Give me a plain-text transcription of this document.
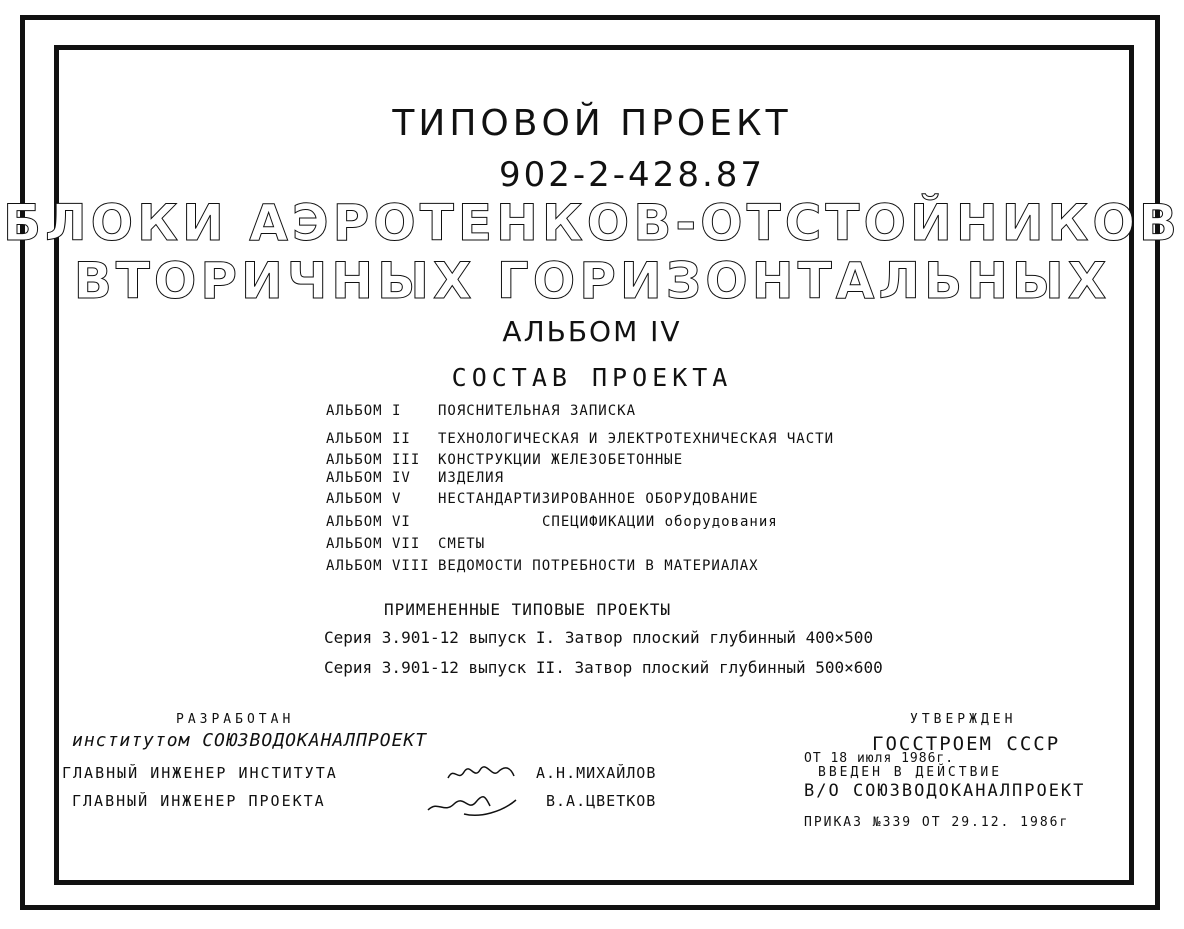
ТИПОВОЙ ПРОЕКТ
902-2-428.87
БЛОКИ АЭРОТЕНКОВ-ОТСТОЙНИКОВ
ВТОРИЧНЫХ ГОРИЗОНТАЛЬНЫХ
АЛЬБОМ IV
СОСТАВ ПРОЕКТА
АЛЬБОМ I	ПОЯСНИТЕЛЬНАЯ ЗАПИСКА
АЛЬБОМ II ТЕХНОЛОГИЧЕСКАЯ И ЭЛЕКТРОТЕХНИЧЕСКАЯ ЧАСТИ
АЛЬБОМ III КОНСТРУКЦИИ ЖЕЛЕЗОБЕТОННЫЕ
АЛЬБОМ IV ИЗДЕЛИЯ
АЛЬБОМ V	НЕСТАНДАРТИЗИРОВАННОЕ ОБОРУДОВАНИЕ
АЛЬБОМ VI	СПЕЦИФИКАЦИИ оборудования
АЛЬБОМ VII СМЕТЫ
АЛЬБОМ VIII ВЕДОМОСТИ ПОТРЕБНОСТИ В МАТЕРИАЛАХ
ПРИМЕНЕННЫЕ ТИПОВЫЕ ПРОЕКТЫ
Серия 3.901-12 выпуск I. Затвор плоский глубинный 400×500
Серия 3.901-12 выпуск II. Затвор плоский глубинный 500×600
РАЗРАБОТАН
институтом СОЮЗВОДОКАНАЛПРОЕКТ
ГЛАВНЫЙ ИНЖЕНЕР ИНСТИТУТА	А.Н.МИХАЙЛОВ
ГЛАВНЫЙ ИНЖЕНЕР ПРОЕКТА	В.А.ЦВЕТКОВ
УТВЕРЖДЕН
ГОССТРОЕМ СССР
ОТ 18 июля 1986г.
ВВЕДЕН В ДЕЙСТВИЕ
В/О СОЮЗВОДОКАНАЛПРОЕКТ
ПРИКАЗ №339 ОТ 29.12. 1986г
